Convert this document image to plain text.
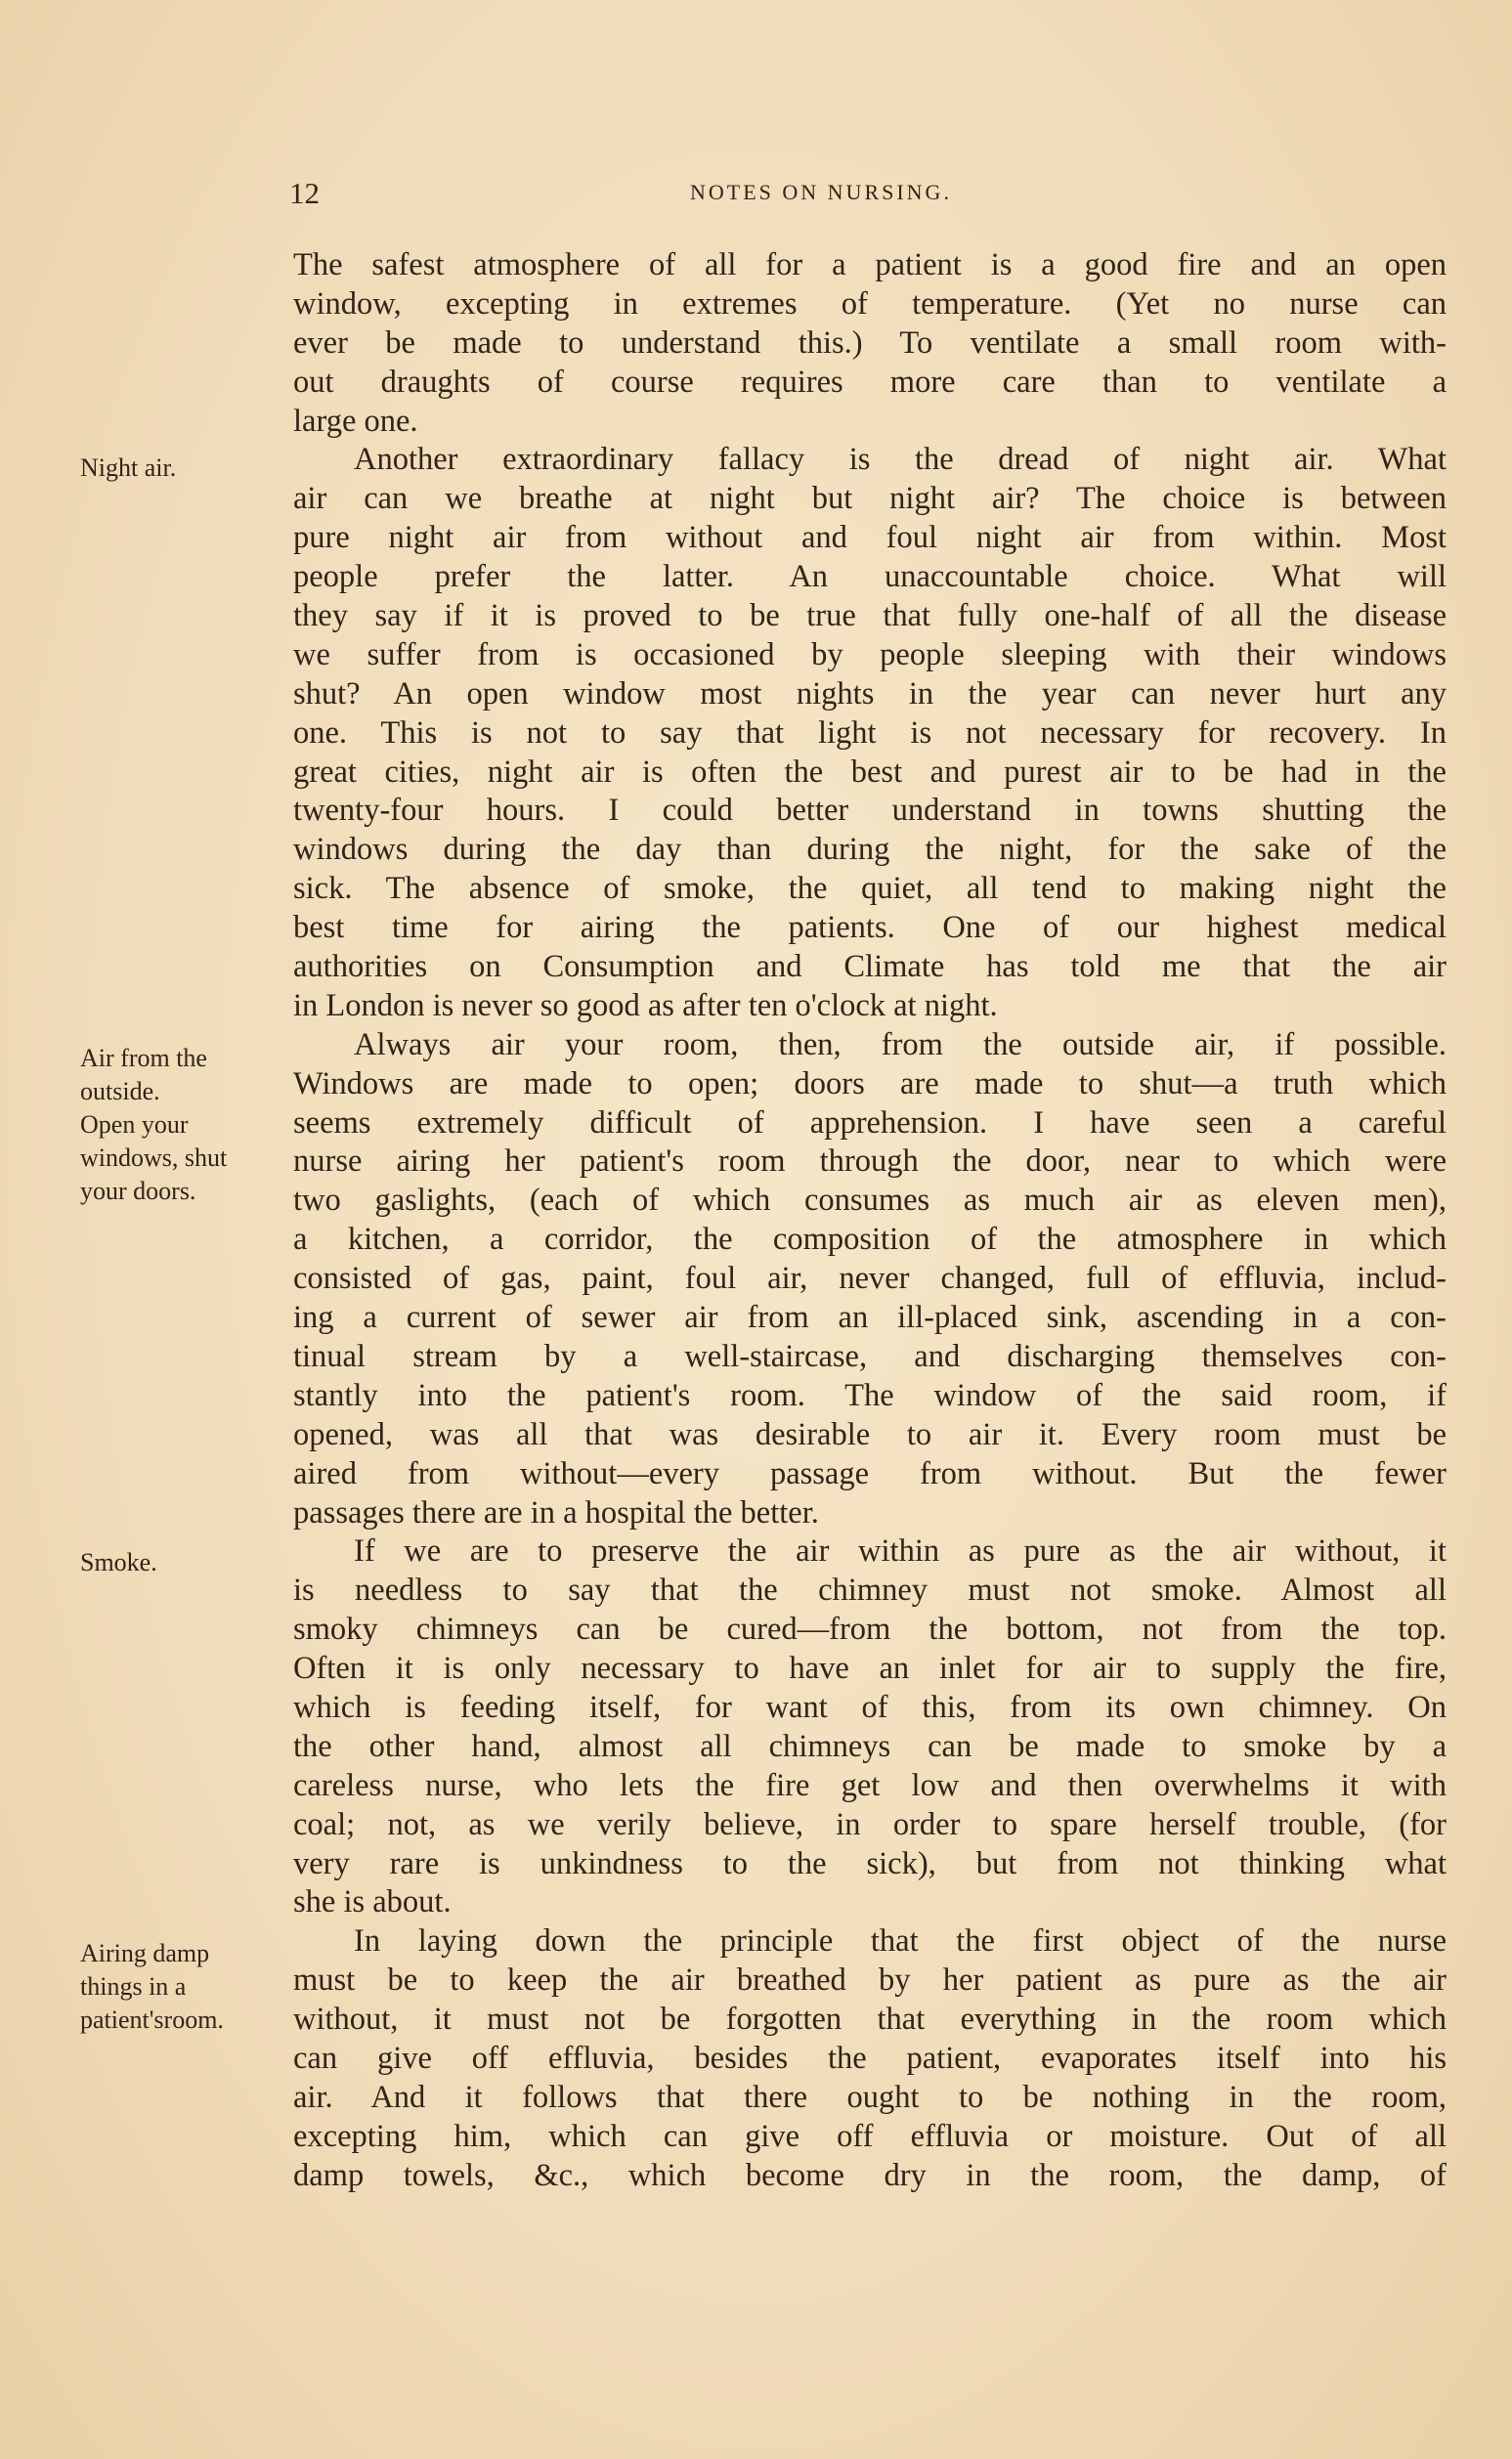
12	NOTES ON NURSING.
Night air.
Air from the
outside.
Open your
windows, shut
your doors.
Smoke.
Airing damp
things in a
patient'sroom.
The safest atmosphere of all for a patient is a good fire and an open
window, excepting in extremes of temperature. (Yet no nurse can
ever be made to understand this.) To ventilate a small room with-
out draughts of course requires more care than to ventilate a
large one.
Another extraordinary fallacy is the dread of night air. What
air can we breathe at night but night air? The choice is between
pure night air from without and foul night air from within. Most
people prefer the latter. An unaccountable choice. What will
they say if it is proved to be true that fully one-half of all the disease
we suffer from is occasioned by people sleeping with their windows
shut? An open window most nights in the year can never hurt any
one. This is not to say that light is not necessary for recovery. In
great cities, night air is often the best and purest air to be had in the
twenty-four hours. I could better understand in towns shutting the
windows during the day than during the night, for the sake of the
sick. The absence of smoke, the quiet, all tend to making night the
best time for airing the patients. One of our highest medical
authorities on Consumption and Climate has told me that the air
in London is never so good as after ten o'clock at night.
Always air your room, then, from the outside air, if possible.
Windows are made to open; doors are made to shut—a truth which
seems extremely difficult of apprehension. I have seen a careful
nurse airing her patient's room through the door, near to which were
two gaslights, (each of which consumes as much air as eleven men),
a kitchen, a corridor, the composition of the atmosphere in which
consisted of gas, paint, foul air, never changed, full of effluvia, includ-
ing a current of sewer air from an ill-placed sink, ascending in a con-
tinual stream by a well-staircase, and discharging themselves con-
stantly into the patient's room. The window of the said room, if
opened, was all that was desirable to air it. Every room must be
aired from without—every passage from without. But the fewer
passages there are in a hospital the better.
If we are to preserve the air within as pure as the air without, it
is needless to say that the chimney must not smoke. Almost all
smoky chimneys can be cured—from the bottom, not from the top.
Often it is only necessary to have an inlet for air to supply the fire,
which is feeding itself, for want of this, from its own chimney. On
the other hand, almost all chimneys can be made to smoke by a
careless nurse, who lets the fire get low and then overwhelms it with
coal; not, as we verily believe, in order to spare herself trouble, (for
very rare is unkindness to the sick), but from not thinking what
she is about.
In laying down the principle that the first object of the nurse
must be to keep the air breathed by her patient as pure as the air
without, it must not be forgotten that everything in the room which
can give off effluvia, besides the patient, evaporates itself into his
air. And it follows that there ought to be nothing in the room,
excepting him, which can give off effluvia or moisture. Out of all
damp towels, &c., which become dry in the room, the damp, of
